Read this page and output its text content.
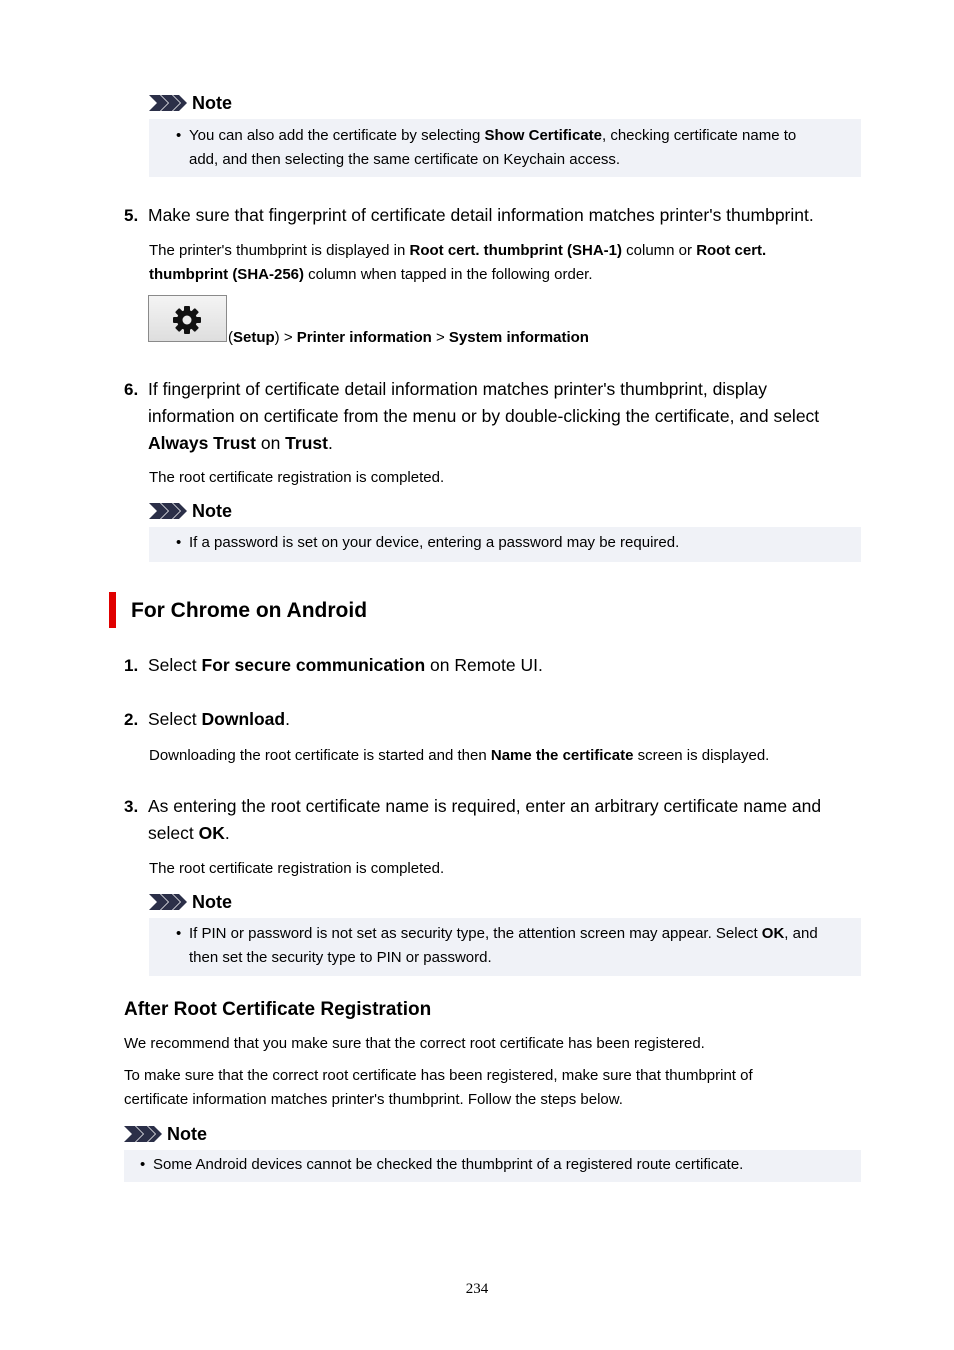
Note
• You can also add the certificate by selecting Show Certificate, checking certificate name to
add, and then selecting the same certificate on Keychain access.
5. Make sure that fingerprint of certificate detail information matches printer's thumbprint.
The printer's thumbprint is displayed in Root cert. thumbprint (SHA-1) column or Root cert.
thumbprint (SHA-256) column when tapped in the following order.
(Setup) > Printer information > System information
6. If fingerprint of certificate detail information matches printer's thumbprint, display
information on certificate from the menu or by double-clicking the certificate, and select
Always Trust on Trust.
The root certificate registration is completed.
Note
• If a password is set on your device, entering a password may be required.
For Chrome on Android
1. Select For secure communication on Remote UI.
2. Select Download.
Downloading the root certificate is started and then Name the certificate screen is displayed.
3. As entering the root certificate name is required, enter an arbitrary certificate name and
select OK.
The root certificate registration is completed.
Note
• If PIN or password is not set as security type, the attention screen may appear. Select OK, and
then set the security type to PIN or password.
After Root Certificate Registration
We recommend that you make sure that the correct root certificate has been registered.
To make sure that the correct root certificate has been registered, make sure that thumbprint of
certificate information matches printer's thumbprint. Follow the steps below.
Note
• Some Android devices cannot be checked the thumbprint of a registered route certificate.
234
